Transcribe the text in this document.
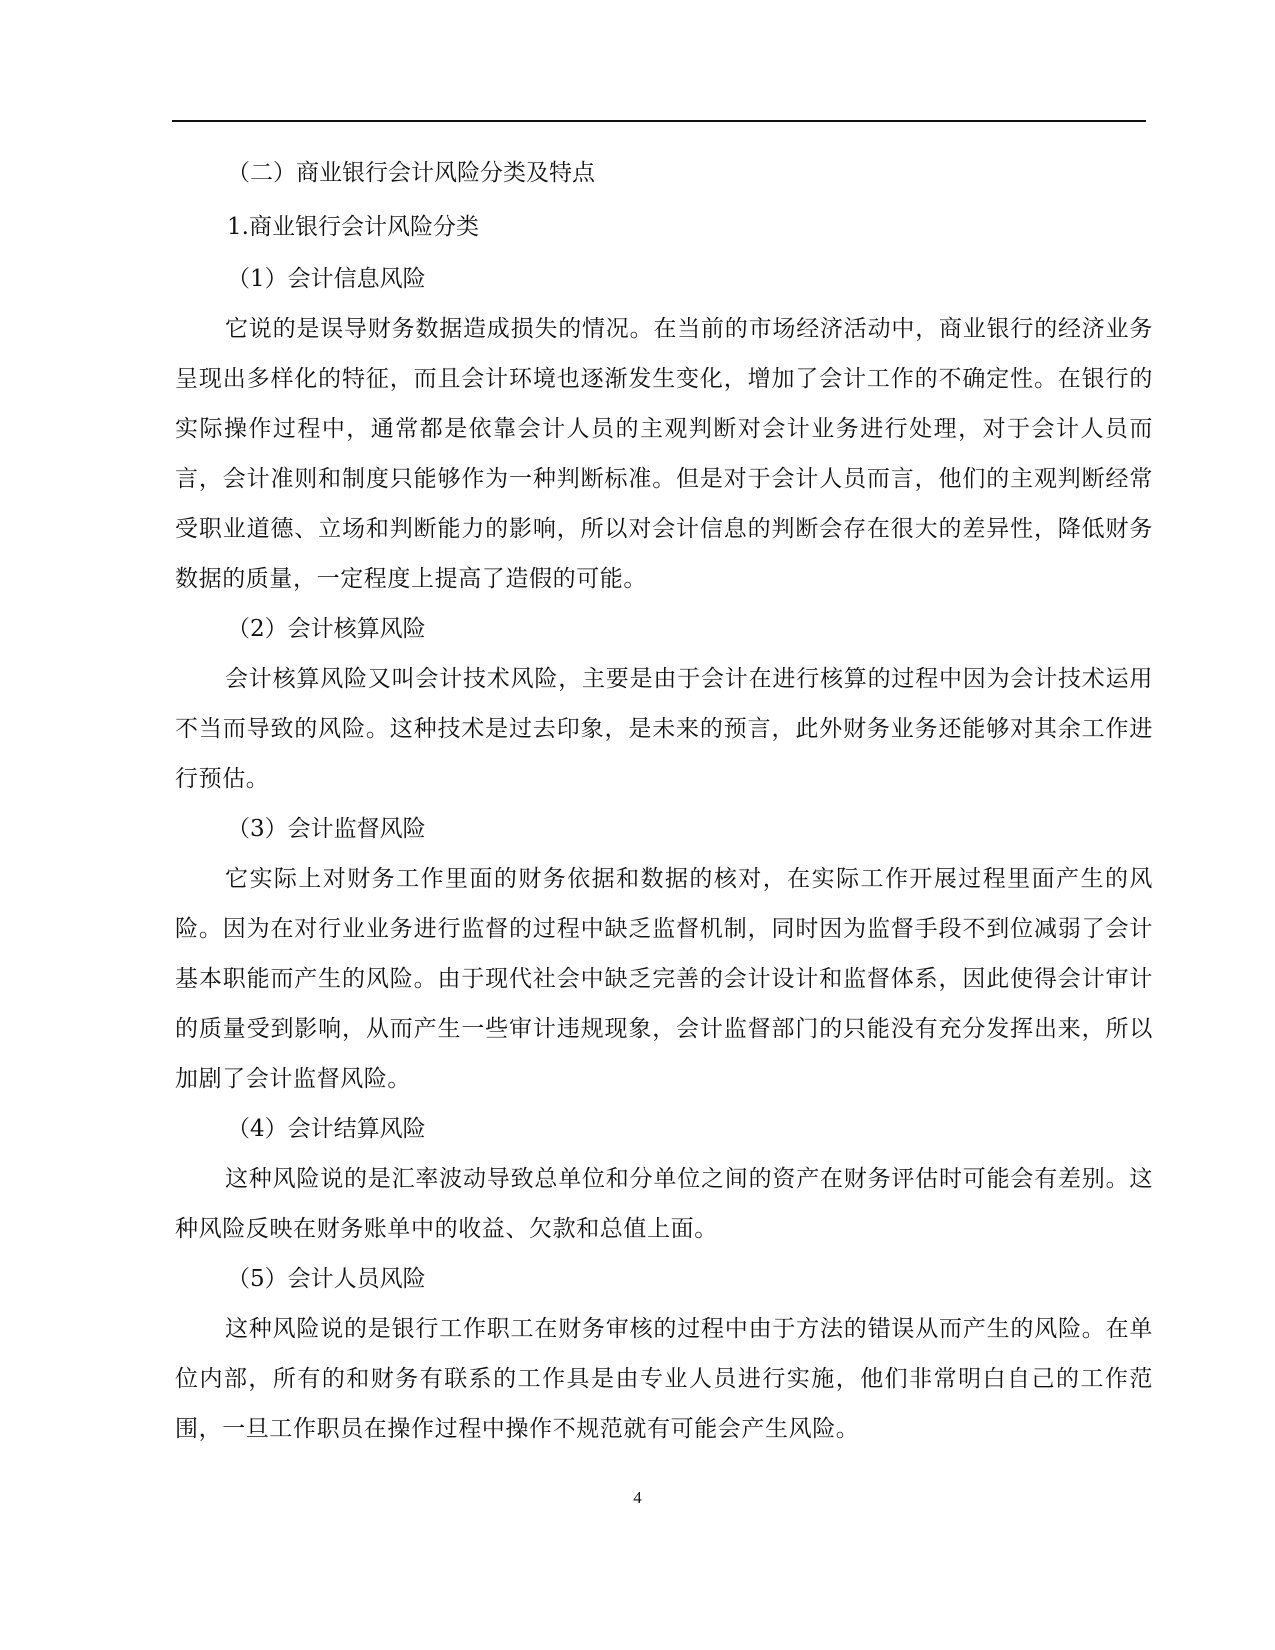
（二）商业银行会计风险分类及特点
1.商业银行会计风险分类
（1）会计信息风险

它说的是误导财务数据造成损失的情况。在当前的市场经济活动中，商业银行的经济业务呈现出多样化的特征，而且会计环境也逐渐发生变化，增加了会计工作的不确定性。在银行的实际操作过程中，通常都是依靠会计人员的主观判断对会计业务进行处理，对于会计人员而言，会计准则和制度只能够作为一种判断标准。但是对于会计人员而言，他们的主观判断经常受职业道德、立场和判断能力的影响，所以对会计信息的判断会存在很大的差异性，降低财务数据的质量，一定程度上提高了造假的可能。

（2）会计核算风险

会计核算风险又叫会计技术风险，主要是由于会计在进行核算的过程中因为会计技术运用不当而导致的风险。这种技术是过去印象，是未来的预言，此外财务业务还能够对其余工作进行预估。

（3）会计监督风险

它实际上对财务工作里面的财务依据和数据的核对，在实际工作开展过程里面产生的风险。因为在对行业业务进行监督的过程中缺乏监督机制，同时因为监督手段不到位减弱了会计基本职能而产生的风险。由于现代社会中缺乏完善的会计设计和监督体系，因此使得会计审计的质量受到影响，从而产生一些审计违规现象，会计监督部门的只能没有充分发挥出来，所以加剧了会计监督风险。

（4）会计结算风险

这种风险说的是汇率波动导致总单位和分单位之间的资产在财务评估时可能会有差别。这种风险反映在财务账单中的收益、欠款和总值上面。

（5）会计人员风险

这种风险说的是银行工作职工在财务审核的过程中由于方法的错误从而产生的风险。在单位内部，所有的和财务有联系的工作具是由专业人员进行实施，他们非常明白自己的工作范围，一旦工作职员在操作过程中操作不规范就有可能会产生风险。

4
